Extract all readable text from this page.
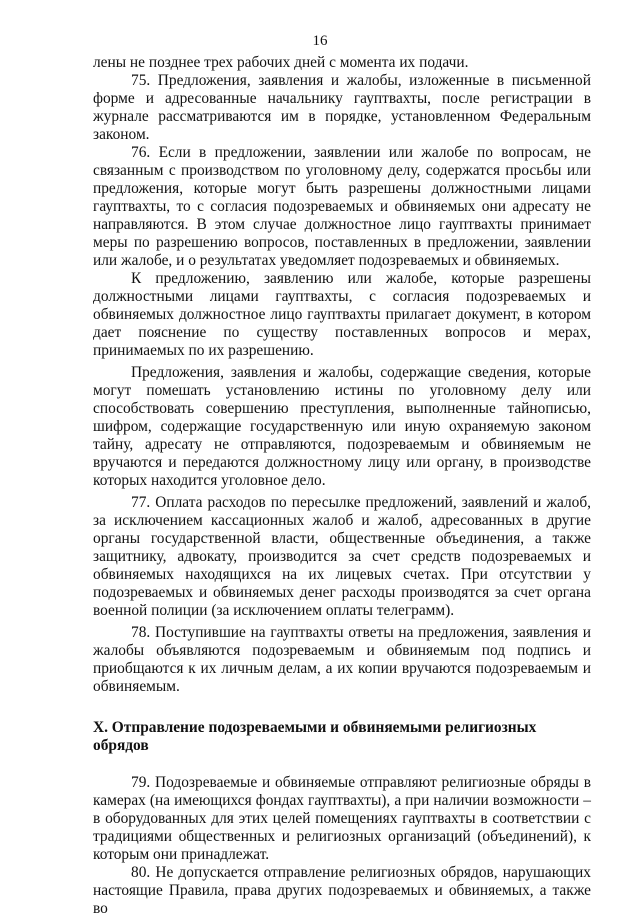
16

лены не позднее трех рабочих дней с момента их подачи.

75. Предложения, заявления и жалобы, изложенные в письменной форме и адресованные начальнику гауптвахты, после регистрации в журнале рассматриваются им в порядке, установленном Федеральным законом.

76. Если в предложении, заявлении или жалобе по вопросам, не связанным с производством по уголовному делу, содержатся просьбы или предложения, которые могут быть разрешены должностными лицами гауптвахты, то с согласия подозреваемых и обвиняемых они адресату не направляются. В этом случае должностное лицо гауптвахты принимает меры по разрешению вопросов, поставленных в предложении, заявлении или жалобе, и о результатах уведомляет подозреваемых и обвиняемых.

К предложению, заявлению или жалобе, которые разрешены должностными лицами гауптвахты, с согласия подозреваемых и обвиняемых должностное лицо гауптвахты прилагает документ, в котором дает пояснение по существу поставленных вопросов и мерах, принимаемых по их разрешению.

Предложения, заявления и жалобы, содержащие сведения, которые могут помешать установлению истины по уголовному делу или способствовать совершению преступления, выполненные тайнописью, шифром, содержащие государственную или иную охраняемую законом тайну, адресату не отправляются, подозреваемым и обвиняемым не вручаются и передаются должностному лицу или органу, в производстве которых находится уголовное дело.

77. Оплата расходов по пересылке предложений, заявлений и жалоб, за исключением кассационных жалоб и жалоб, адресованных в другие органы государственной власти, общественные объединения, а также защитнику, адвокату, производится за счет средств подозреваемых и обвиняемых находящихся на их лицевых счетах. При отсутствии у подозреваемых и обвиняемых денег расходы производятся за счет органа военной полиции (за исключением оплаты телеграмм).

78. Поступившие на гауптвахты ответы на предложения, заявления и жалобы объявляются подозреваемым и обвиняемым под подпись и приобщаются к их личным делам, а их копии вручаются подозреваемым и обвиняемым.

X. Отправление подозреваемыми и обвиняемыми религиозных обрядов

79. Подозреваемые и обвиняемые отправляют религиозные обряды в камерах (на имеющихся фондах гауптвахты), а при наличии возможности – в оборудованных для этих целей помещениях гауптвахты в соответствии с традициями общественных и религиозных организаций (объединений), к которым они принадлежат.

80. Не допускается отправление религиозных обрядов, нарушающих настоящие Правила, права других подозреваемых и обвиняемых, а также во
